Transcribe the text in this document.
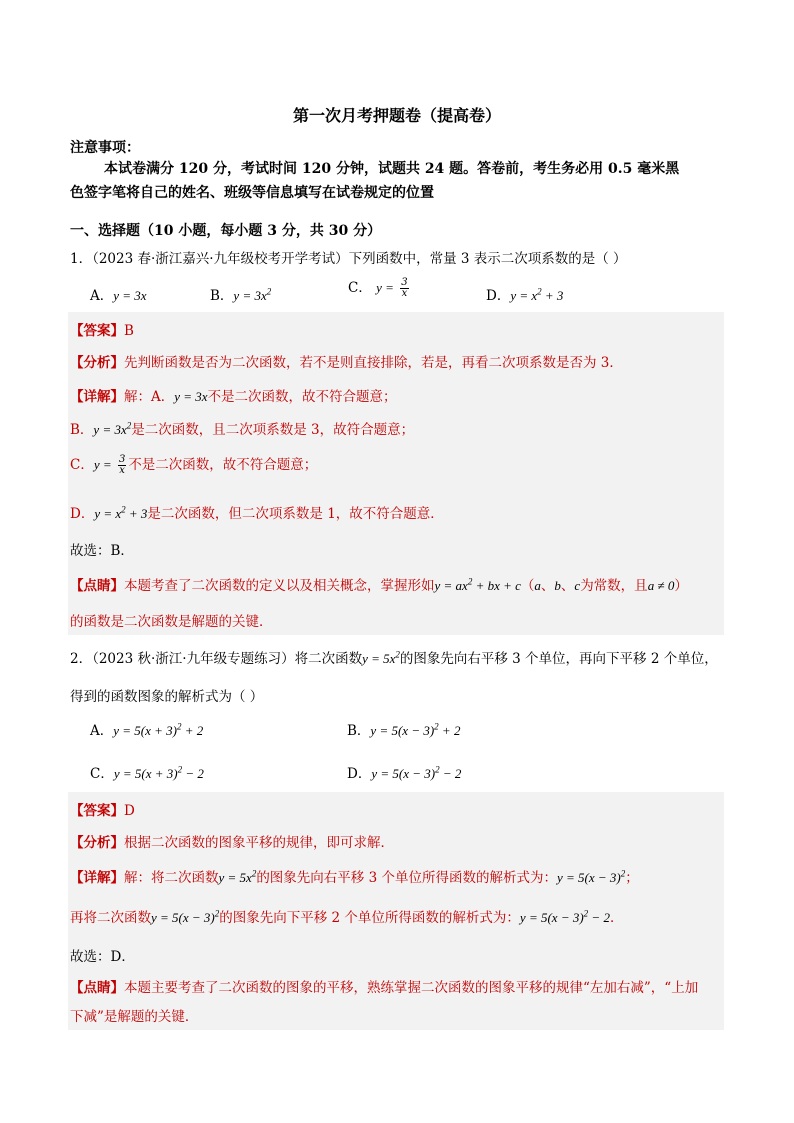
第一次月考押题卷（提高卷）
注意事项：
本试卷满分 120 分，考试时间 120 分钟，试题共 24 题。答卷前，考生务必用 0.5 毫米黑
色签字笔将自己的姓名、班级等信息填写在试卷规定的位置
一、选择题（10 小题，每小题 3 分，共 30 分）
1．（2023 春·浙江嘉兴·九年级校考开学考试）下列函数中，常量 3 表示二次项系数的是（ ）
A．y = 3x	B．$y = 3x^2$	C． $y = \frac{3}{x}$	D．$y = x^2 + 3$
【答案】B
【分析】先判断函数是否为二次函数，若不是则直接排除，若是，再看二次项系数是否为 3．
【详解】解：A．y = 3x不是二次函数，故不符合题意；
B．$y = 3x^2$是二次函数，且二次项系数是 3，故符合题意；
C．$y = \frac{3}{x}$ 不是二次函数，故不符合题意；
D．$y = x^2 + 3$是二次函数，但二次项系数是 1，故不符合题意．
故选：B．
【点睛】本题考查了二次函数的定义以及相关概念，掌握形如$y = ax^2$ + bx + c（a、b、c为常数，且a ≠ 0）
的函数是二次函数是解题的关键．
2．（2023 秋·浙江·九年级专题练习）将二次函数$y = 5x^2$的图象先向右平移 3 个单位，再向下平移 2 个单位，
得到的函数图象的解析式为（ ）
A．$y = 5(x + 3)^2 + 2$	B．$y = 5(x - 3)^2 + 2$
C．$y = 5(x + 3)^2 - 2$	D．$y = 5(x - 3)^2 - 2$
【答案】D
【分析】根据二次函数的图象平移的规律，即可求解．
【详解】解：将二次函数$y = 5x^2$的图象先向右平移 3 个单位所得函数的解析式为：$y = 5(x - 3)^2$；
再将二次函数$y = 5(x - 3)^2$的图象先向下平移 2 个单位所得函数的解析式为：$y = 5(x - 3)^2 - 2$．
故选：D．
【点睛】本题主要考查了二次函数的图象的平移，熟练掌握二次函数的图象平移的规律“左加右减”，“上加
下减”是解题的关键．
